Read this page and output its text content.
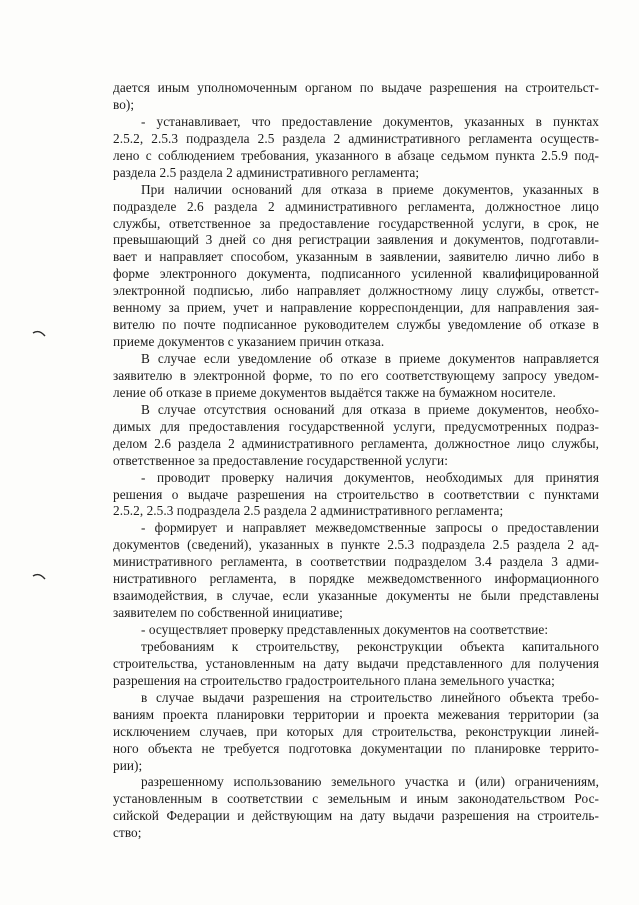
дается иным уполномоченным органом по выдаче разрешения на строительст-
во);
- устанавливает, что предоставление документов, указанных в пунктах
2.5.2, 2.5.3 подраздела 2.5 раздела 2 административного регламента осуществ-
лено с соблюдением требования, указанного в абзаце седьмом пункта 2.5.9 под-
раздела 2.5 раздела 2 административного регламента;
При наличии оснований для отказа в приеме документов, указанных в
подразделе 2.6 раздела 2 административного регламента, должностное лицо
службы, ответственное за предоставление государственной услуги, в срок, не
превышающий 3 дней со дня регистрации заявления и документов, подготавли-
вает и направляет способом, указанным в заявлении, заявителю лично либо в
форме электронного документа, подписанного усиленной квалифицированной
электронной подписью, либо направляет должностному лицу службы, ответст-
венному за прием, учет и направление корреспонденции, для направления зая-
вителю по почте подписанное руководителем службы уведомление об отказе в
приеме документов с указанием причин отказа.
В случае если уведомление об отказе в приеме документов направляется
заявителю в электронной форме, то по его соответствующему запросу уведом-
ление об отказе в приеме документов выдаётся также на бумажном носителе.
В случае отсутствия оснований для отказа в приеме документов, необхо-
димых для предоставления государственной услуги, предусмотренных подраз-
делом 2.6 раздела 2 административного регламента, должностное лицо службы,
ответственное за предоставление государственной услуги:
- проводит проверку наличия документов, необходимых для принятия
решения о выдаче разрешения на строительство в соответствии с пунктами
2.5.2, 2.5.3 подраздела 2.5 раздела 2 административного регламента;
- формирует и направляет межведомственные запросы о предоставлении
документов (сведений), указанных в пункте 2.5.3 подраздела 2.5 раздела 2 ад-
министративного регламента, в соответствии подразделом 3.4 раздела 3 адми-
нистративного регламента, в порядке межведомственного информационного
взаимодействия, в случае, если указанные документы не были представлены
заявителем по собственной инициативе;
- осуществляет проверку представленных документов на соответствие:
требованиям к строительству, реконструкции объекта капитального
строительства, установленным на дату выдачи представленного для получения
разрешения на строительство градостроительного плана земельного участка;
в случае выдачи разрешения на строительство линейного объекта требо-
ваниям проекта планировки территории и проекта межевания территории (за
исключением случаев, при которых для строительства, реконструкции линей-
ного объекта не требуется подготовка документации по планировке террито-
рии);
разрешенному использованию земельного участка и (или) ограничениям,
установленным в соответствии с земельным и иным законодательством Рос-
сийской Федерации и действующим на дату выдачи разрешения на строитель-
ство;
